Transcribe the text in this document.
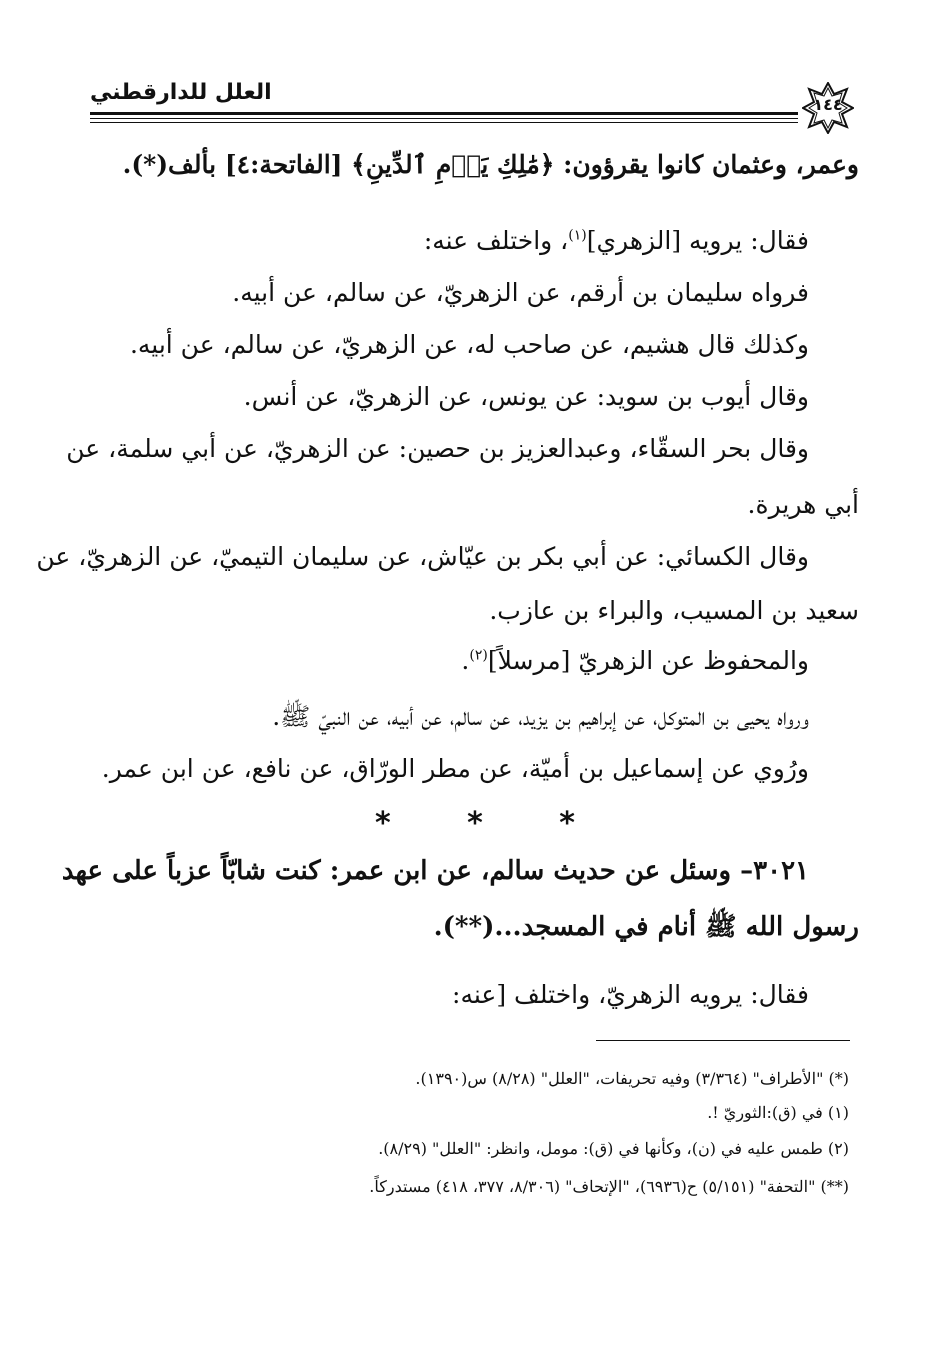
العلل للدارقطني	١٤٤
وعمر، وعثمان كانوا يقرؤون: ﴿مَٰلِكِ يَوۡمِ ٱلدِّينِ﴾ [الفاتحة:٤] بألف(*).
فقال: يرويه [الزهري]$^{(١)}$، واختلف عنه:
فرواه سليمان بن أرقم، عن الزهريّ، عن سالم، عن أبيه.
وكذلك قال هشيم، عن صاحب له، عن الزهريّ، عن سالم، عن أبيه.
وقال أيوب بن سويد: عن يونس، عن الزهريّ، عن أنس.
وقال بحر السقّاء، وعبدالعزيز بن حصين: عن الزهريّ، عن أبي سلمة، عن
أبي هريرة.
وقال الكسائي: عن أبي بكر بن عيّاش، عن سليمان التيميّ، عن الزهريّ، عن
سعيد بن المسيب، والبراء بن عازب.
والمحفوظ عن الزهريّ [مرسلاً]$^{(٢)}$.
ورواه يحيى بن المتوكل، عن إبراهيم بن يزيد، عن سالم، عن أبيه، عن النبيّ ﷺ.
ورُوي عن إسماعيل بن أميّة، عن مطر الورّاق، عن نافع، عن ابن عمر.
*	*	*
٣٠٢١– وسئل عن حديث سالم، عن ابن عمر: كنت شابّاً عزباً على عهد
رسول الله ﷺ أنام في المسجد...(**).
فقال: يرويه الزهريّ، واختلف [عنه:
(*) "الأطراف" (٣/٣٦٤) وفيه تحريفات، "العلل" (٨/٢٨) س(١٣٩٠).
(١) في (ق):الثوريّ !.
(٢) طمس عليه في (ن)، وكأنها في (ق): مومل، وانظر: "العلل" (٨/٢٩).
(**) "التحفة" (٥/١٥١) ح(٦٩٣٦)، "الإتحاف" (٨/٣٠٦، ٣٧٧، ٤١٨) مستدركاً.
